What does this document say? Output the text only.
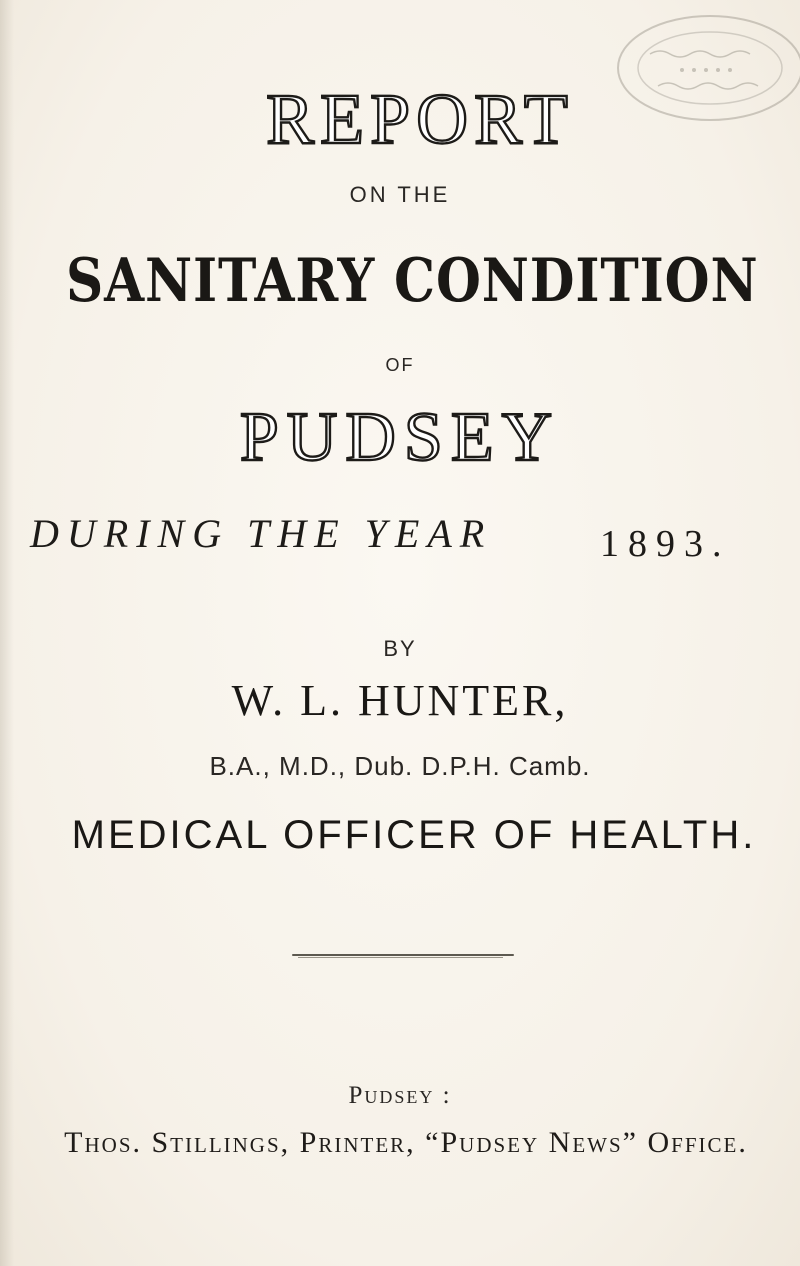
REPORT
ON THE
SANITARY CONDITION
OF
PUDSEY
DURING THE YEAR	1893.
BY
W. L. HUNTER,
B.A., M.D., Dub. D.P.H. Camb.
MEDICAL OFFICER OF HEALTH.
Pudsey :
Thos. Stillings, Printer, “Pudsey News” Office.
